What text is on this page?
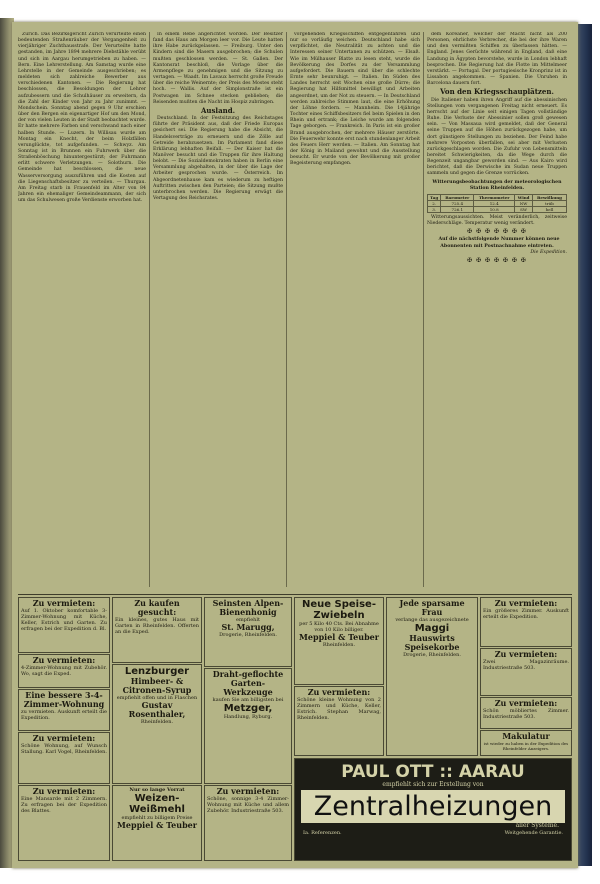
Zürich. Das Bezirksgericht Zürich verurteilte einen bedeutenden Straßenräuber der Vergangenheit zu vierjähriger Zuchthausstrafe. Der Verurteilte hatte gestanden, im Jahre 1894 mehrere Diebstähle verübt und sich im Aargau herumgetrieben zu haben. — Bern. Eine Lehrerstellung. Am Samstag wurde eine Lehrstelle in der Gemeinde ausgeschrieben; es meldeten sich zahlreiche Bewerber aus verschiedenen Kantonen. — Die Regierung hat beschlossen, die Besoldungen der Lehrer aufzubessern und die Schulhäuser zu erweitern, da die Zahl der Kinder von Jahr zu Jahr zunimmt. — Mondschein. Sonntag abend gegen 9 Uhr erschien über den Bergen ein eigenartiger Hof um den Mond, der von vielen Leuten in der Stadt beobachtet wurde. Er hatte mehrere Farben und verschwand nach einer halben Stunde. — Luzern. In Willisau wurde am Montag ein Knecht, der beim Holzfällen verunglückte, tot aufgefunden. — Schwyz. Am Sonntag ist in Brunnen ein Fuhrwerk über die Straßenböschung hinuntergestürzt; der Fuhrmann erlitt schwere Verletzungen. — Solothurn. Die Gemeinde hat beschlossen, die neue Wasserversorgung auszuführen und die Kosten auf die Liegenschaftsbesitzer zu verteilen. — Thurgau. Am Freitag starb in Frauenfeld im Alter von 84 Jahren ein ehemaliger Gemeindeammann, der sich um das Schulwesen große Verdienste erworben hat.

In einem Rebe angerichtet worden. Der Besitzer fand das Haus am Morgen leer vor. Die Leute hatten ihre Habe zurückgelassen. — Freiburg. Unter den Kindern sind die Masern ausgebrochen; die Schulen mußten geschlossen werden. — St. Gallen. Der Kantonsrat beschloß, die Vorlage über die Armenpflege zu genehmigen und die Sitzung zu vertagen. — Waadt. Im Lavaux herrscht große Freude über die reiche Weinernte; der Preis des Mostes steht hoch. — Wallis. Auf der Simplonstraße ist ein Postwagen im Schnee stecken geblieben; die Reisenden mußten die Nacht im Hospiz zubringen.

Ausland.

Deutschland. In der Festsitzung des Reichstages führte der Präsident aus, daß der Friede Europas gesichert sei. Die Regierung habe die Absicht, die Handelsverträge zu erneuern und die Zölle auf Getreide herabzusetzen. Im Parlament fand diese Erklärung lebhaften Beifall. — Der Kaiser hat die Manöver besucht und die Truppen für ihre Haltung belobt. — Die Sozialdemokraten haben in Berlin eine Versammlung abgehalten, in der über die Lage der Arbeiter gesprochen wurde. — Österreich. Im Abgeordnetenhause kam es wiederum zu heftigen Auftritten zwischen den Parteien; die Sitzung mußte unterbrochen werden. Die Regierung erwägt die Vertagung des Reichsrates.

vorgehenden Kriegsschiffen entgegenfahren und nur so vorläufig weichen. Deutschland habe sich verpflichtet, die Neutralität zu achten und die Interessen seiner Untertanen zu schützen. — Elsaß. Wie im Mülhauser Blatte zu lesen steht, wurde die Bevölkerung des Dorfes zu der Versammlung aufgefordert. Die Bauern sind über die schlechte Ernte sehr beunruhigt. — Italien. Im Süden des Landes herrscht seit Wochen eine große Dürre; die Regierung hat Hilfsmittel bewilligt und Arbeiten angeordnet, um der Not zu steuern. — In Deutschland werden zahlreiche Stimmen laut, die eine Erhöhung der Löhne fordern. — Mannheim. Die 14jährige Tochter eines Schiffsbesitzers fiel beim Spielen in den Rhein und ertrank; die Leiche wurde am folgenden Tage geborgen. — Frankreich. In Paris ist ein großer Brand ausgebrochen, der mehrere Häuser zerstörte. Die Feuerwehr konnte erst nach stundenlanger Arbeit des Feuers Herr werden. — Italien. Am Sonntag hat der König in Mailand gewohnt und die Ausstellung besucht. Er wurde von der Bevölkerung mit großer Begeisterung empfangen.

dem Koreaner, welcher der Macht nicht als 200 Personen, ehrlichste Verbrecher, die bei der ihre Waren und den vermißten Schiffen zu überlassen hätten. — England. Jenes Gerüchte während in England, daß eine Landung in Ägypten bevorstehe, wurde in London lebhaft besprochen. Die Regierung hat die Flotte im Mittelmeer verstärkt. — Portugal. Der portugiesische Kronprinz ist in Lissabon angekommen. — Spanien. Die Unruhen in Barcelona dauern fort.

Von den Kriegsschauplätzen.

Die Italiener haben ihren Angriff auf die abessinischen Stellungen vom vergangenen Freitag nicht erneuert. Es herrscht auf der Linie seit einigen Tagen vollständige Ruhe. Die Verluste der Abessinier sollen groß gewesen sein. — Von Massaua wird gemeldet, daß der General seine Truppen auf die Höhen zurückgezogen habe, um dort günstigere Stellungen zu beziehen. Der Feind habe mehrere Vorposten überfallen, sei aber mit Verlusten zurückgeschlagen worden. Die Zufuhr von Lebensmitteln bereitet Schwierigkeiten, da die Wege durch die Regenzeit ungangbar geworden sind. — Aus Kairo wird berichtet, daß die Derwische im Sudan neue Truppen sammeln und gegen die Grenze vorrücken.

Witterungsbeobachtungen der meteorologischen Station Rheinfelden.
Tag	Barometer	Thermometer	Wind	Bewölkung
2.	725.4	12.4	NW	trüb
3.	726.1	10.8	SW	hell

Witterungsaussichten. Meist veränderlich, zeitweise Niederschläge. Temperatur wenig verändert.

✠ ✠ ✠ ✠ ✠ ✠ ✠

Auf die nächstfolgende Nummer können neue Abonnenten mit Postnachnahme eintreten.

Die Expedition.
✠ ✠ ✠ ✠ ✠ ✠ ✠
Zu vermieten:
Auf 1. Oktober komfortable 3-Zimmer-Wohnung mit Küche, Keller, Estrich und Garten. Zu erfragen bei der Expedition d. Bl.
Zu vermieten:
4-Zimmer-Wohnung mit Zubehör. Wo, sagt die Exped.
Eine bessere 3-4-Zimmer-Wohnung
zu vermieten. Auskunft erteilt die Expedition.
Zu vermieten:
Schöne Wohnung, auf Wunsch Stallung. Karl Vogel, Rheinfelden.
Zu vermieten:
Eine Mansarde mit 2 Zimmern. Zu erfragen bei der Expedition des Blattes.
Zu kaufen gesucht:
Ein kleines, gutes Haus mit Garten in Rheinfelden. Offerten an die Exped.
Lenzburger
Himbeer- & Citronen-Syrup
empfiehlt offen und in Flaschen
Gustav Rosenthaler,
Rheinfelden.
Nur so lange Vorrat
Weizen-Weißmehl
empfiehlt zu billigem Preise
Meppiel & Teuber
Seinsten Alpen-Bienenhonig
empfiehlt
St. Marugg,
Drogerie, Rheinfelden.
Draht-geflochte
Garten-Werkzeuge
kaufen Sie am billigsten bei
Metzger,
Handlung, Ryburg.
Zu vermieten:
Schöne, sonnige 3-4 Zimmer-Wohnung mit Küche und allem Zubehör. Industriestraße 503.
Neue Speise-Zwiebeln
per 5 Kilo 40 Cts. Bei Abnahme von 10 Kilo billiger.
Meppiel & Teuber
Rheinfelden.
Zu vermieten:
Schöne kleine Wohnung von 2 Zimmern und Küche, Keller, Estrich. Stephan Marwag, Rheinfelden.
Jede sparsame Frau
verlange das ausgezeichnete
Maggi
Hauswirts Speisekorbe
Drogerie, Rheinfelden.
Zu vermieten:
Ein größeres Zimmer. Auskunft erteilt die Expedition.
Zu vermieten:
Zwei Magazinräume. Industriestraße 503.
Zu vermieten:
Schön möbliertes Zimmer. Industriestraße 503.
Makulatur
ist wieder zu haben in der Expedition des Rheinfelder Anzeigers.
PAUL OTT :: AARAU
empfiehlt sich zur Erstellung von
Zentralheizungen
aller Systeme.
Ia. Referenzen.	Weitgehende Garantie.
